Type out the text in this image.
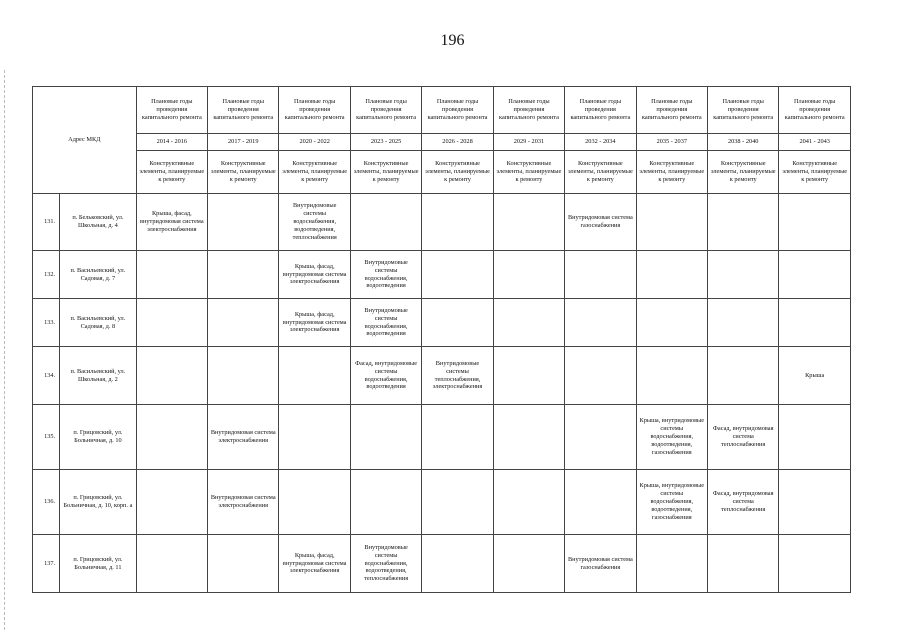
196
Адрес МКД		Плановые годы проведения капитального ремонта	Плановые годы проведения капитального ремонта	Плановые годы проведения капитального ремонта	Плановые годы проведения капитального ремонта	Плановые годы проведения капитального ремонта	Плановые годы проведения капитального ремонта	Плановые годы проведения капитального ремонта	Плановые годы проведения капитального ремонта	Плановые годы проведения капитального ремонта	Плановые годы проведения капитального ремонта
		2014 - 2016	2017 - 2019	2020 - 2022	2023 - 2025	2026 - 2028	2029 - 2031	2032 - 2034	2035 - 2037	2038 - 2040	2041 - 2043
		Конструктивные элементы, планируемые к ремонту	Конструктивные элементы, планируемые к ремонту	Конструктивные элементы, планируемые к ремонту	Конструктивные элементы, планируемые к ремонту	Конструктивные элементы, планируемые к ремонту	Конструктивные элементы, планируемые к ремонту	Конструктивные элементы, планируемые к ремонту	Конструктивные элементы, планируемые к ремонту	Конструктивные элементы, планируемые к ремонту	Конструктивные элементы, планируемые к ремонту
131.	п. Бельковский, ул. Школьная, д. 4	Крыша, фасад, внутридомовая система электроснабжения		Внутридомовые системы водоснабжения, водоотведения, теплоснабжения				Внутридомовая система газоснабжения			
132.	п. Васильевский, ул. Садовая, д. 7			Крыша, фасад, внутридомовая система электроснабжения	Внутридомовые системы водоснабжения, водоотведения						
133.	п. Васильевский, ул. Садовая, д. 8			Крыша, фасад, внутридомовая система электроснабжения	Внутридомовые системы водоснабжения, водоотведения						
134.	п. Васильевский, ул. Школьная, д. 2				Фасад, внутридомовые системы водоснабжения, водоотведения	Внутридомовые системы теплоснабжения, электроснабжения					Крыша
135.	п. Грицовский, ул. Больничная, д. 10		Внутридомовая система электроснабжения						Крыша, внутридомовые системы водоснабжения, водоотведения, газоснабжения	Фасад, внутридомовая система теплоснабжения	
136.	п. Грицовский, ул. Больничная, д. 10, корп. а		Внутридомовая система электроснабжения						Крыша, внутридомовые системы водоснабжения, водоотведения, газоснабжения	Фасад, внутридомовая система теплоснабжения	
137.	п. Грицовский, ул. Больничная, д. 11			Крыша, фасад, внутридомовая система электроснабжения	Внутридомовые системы водоснабжения, водоотведения, теплоснабжения			Внутридомовая система газоснабжения			
